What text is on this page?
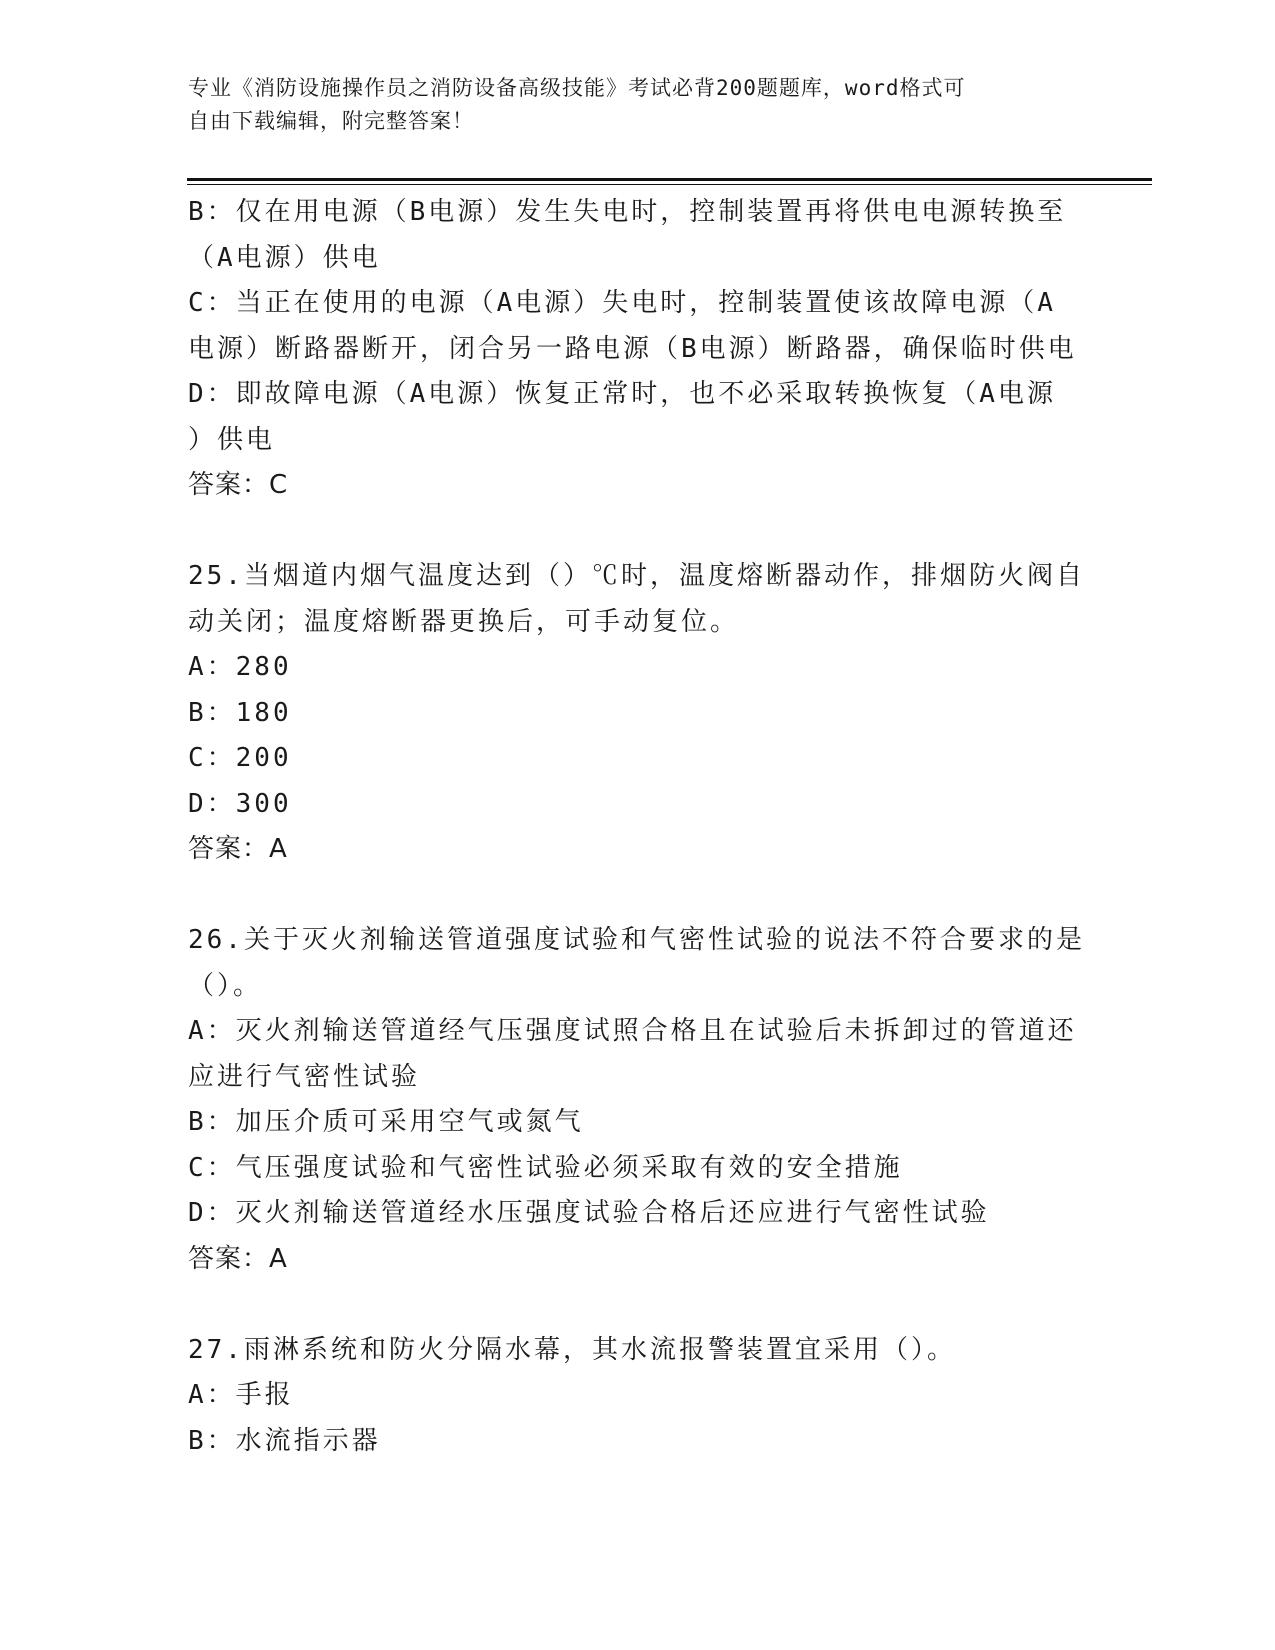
专业《消防设施操作员之消防设备高级技能》考试必背200题题库，word格式可
自由下载编辑，附完整答案！
B：仅在用电源（B电源）发生失电时，控制装置再将供电电源转换至
（A电源）供电
C：当正在使用的电源（A电源）失电时，控制装置使该故障电源（A
电源）断路器断开，闭合另一路电源（B电源）断路器，确保临时供电
D：即故障电源（A电源）恢复正常时，也不必采取转换恢复（A电源
）供电
答案：C
25.当烟道内烟气温度达到（）℃时，温度熔断器动作，排烟防火阀自
动关闭；温度熔断器更换后，可手动复位。
A：280
B：180
C：200
D：300
答案：A
26.关于灭火剂输送管道强度试验和气密性试验的说法不符合要求的是
（）。
A：灭火剂输送管道经气压强度试照合格且在试验后未拆卸过的管道还
应进行气密性试验
B：加压介质可采用空气或氮气
C：气压强度试验和气密性试验必须采取有效的安全措施
D：灭火剂输送管道经水压强度试验合格后还应进行气密性试验
答案：A
27.雨淋系统和防火分隔水幕，其水流报警装置宜采用（）。
A：手报
B：水流指示器
